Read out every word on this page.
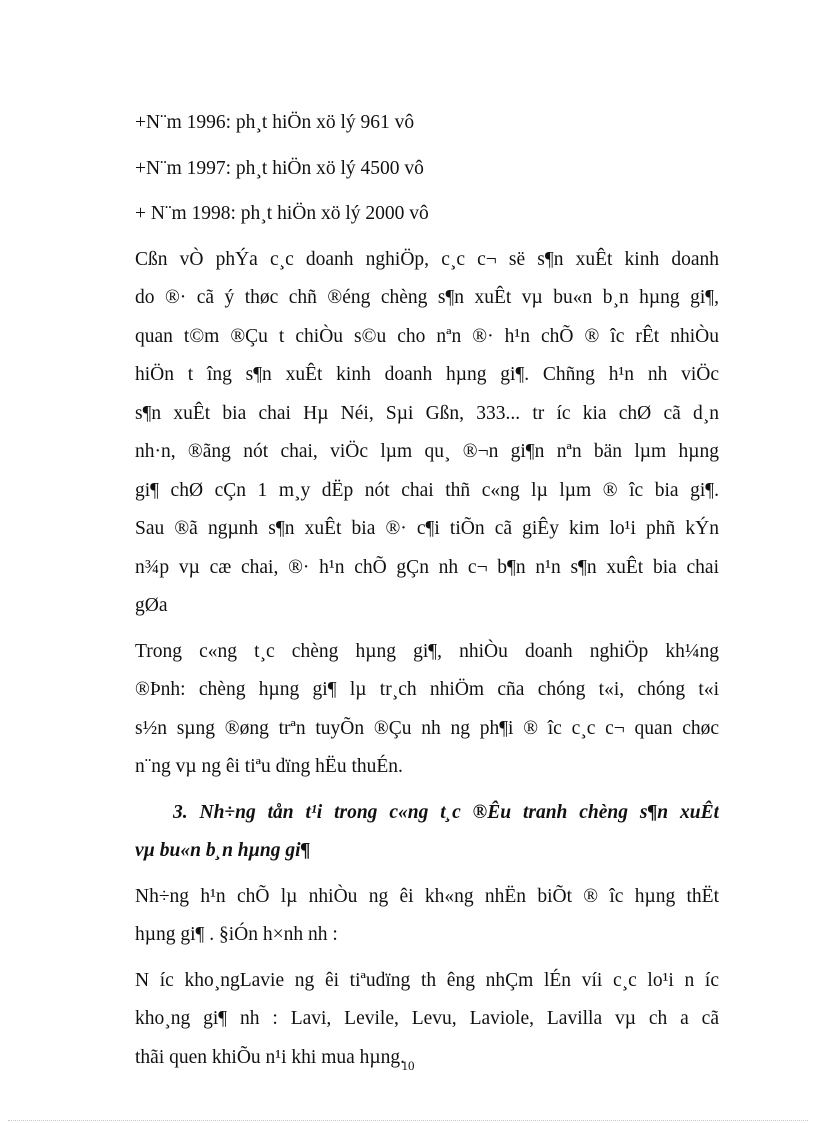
+N¨m 1996: ph¸t hiÖn xö lý 961 vô
+N¨m 1997: ph¸t hiÖn xö lý 4500 vô
+ N¨m 1998: ph¸t hiÖn xö lý 2000 vô
Cßn vÒ phÝa c¸c doanh nghiÖp, c¸c c¬ së s¶n xuÊt kinh doanh
do ®· cã ý thøc chñ ®éng chèng s¶n xuÊt vµ bu«n b¸n hµng gi¶,
quan t©m ®Çu t chiÒu s©u cho nªn ®· h¹n chÕ ® îc rÊt nhiÒu
hiÖn t îng s¶n xuÊt kinh doanh hµng gi¶. Chñng h¹n nh viÖc
s¶n xuÊt bia chai Hµ Néi, Sµi Gßn, 333... tr íc kia chØ cã d¸n
nh·n, ®ãng nót chai, viÖc lµm qu¸ ®¬n gi¶n nªn bän lµm hµng
gi¶ chØ cÇn 1 m¸y dËp nót chai thñ c«ng lµ lµm ® îc bia gi¶.
Sau ®ã ngµnh s¶n xuÊt bia ®· c¶i tiÕn cã giÊy kim lo¹i phñ kÝn
n¾p vµ cæ chai, ®· h¹n chÕ gÇn nh c¬ b¶n n¹n s¶n xuÊt bia chai
gØa
Trong c«ng t¸c chèng hµng gi¶, nhiÒu doanh nghiÖp kh¼ng
®Þnh: chèng hµng gi¶ lµ tr¸ch nhiÖm cña chóng t«i, chóng t«i
s½n sµng ®øng trªn tuyÕn ®Çu nh ng ph¶i ® îc c¸c c¬ quan chøc
n¨ng vµ ng êi tiªu dïng hËu thuÉn.
3. Nh÷ng tån t¹i trong c«ng t¸c ®Êu tranh chèng s¶n xuÊt
vµ bu«n b¸n hµng gi¶
Nh÷ng h¹n chÕ lµ nhiÒu ng êi kh«ng nhËn biÕt ® îc hµng thËt
hµng gi¶ . §iÓn h×nh nh :
N íc kho¸ngLavie ng êi tiªudïng th êng nhÇm lÉn víi c¸c lo¹i n íc
kho¸ng gi¶ nh : Lavi, Levile, Levu, Laviole, Lavilla vµ ch a cã
thãi quen khiÕu n¹i khi mua hµng.
10
